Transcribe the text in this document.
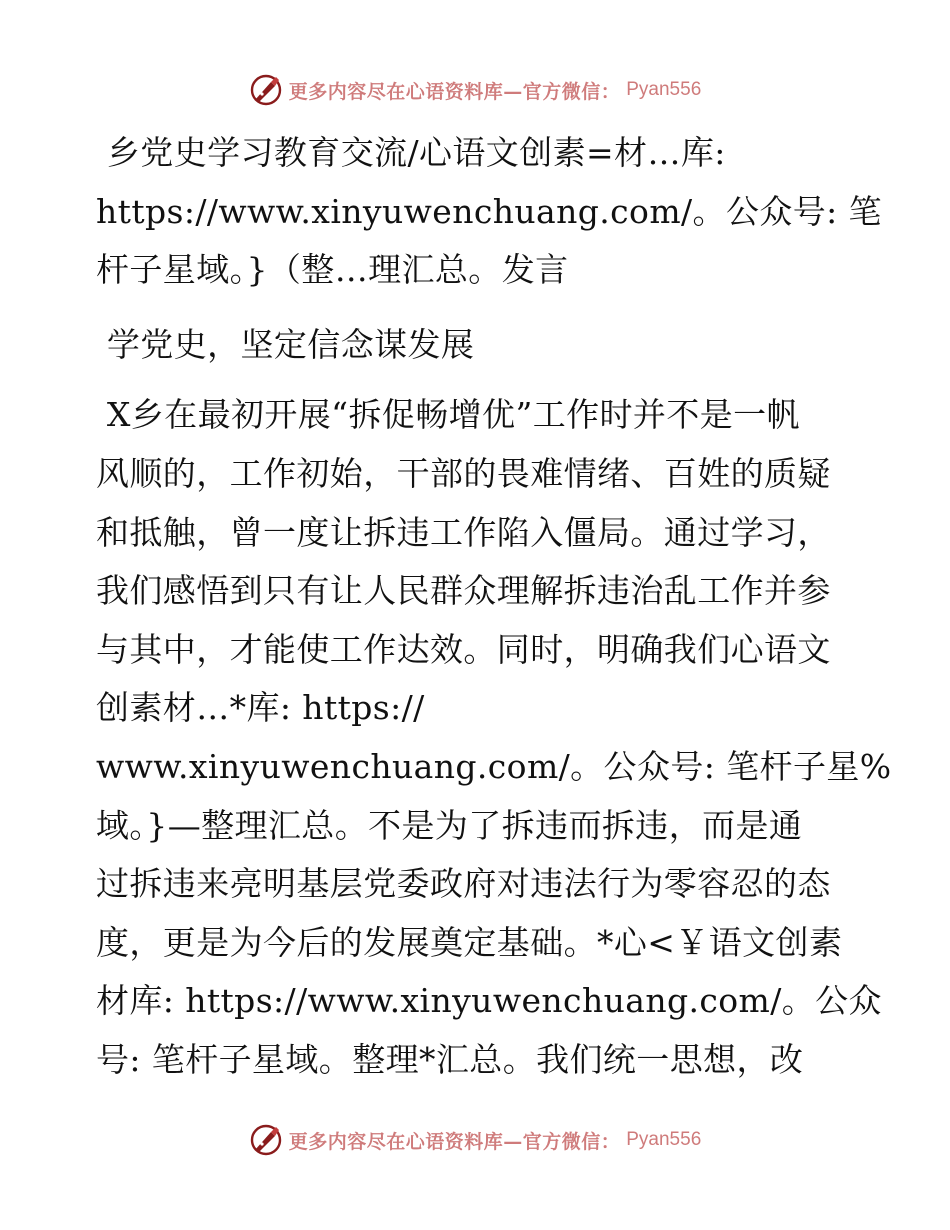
更多内容尽在心语资料库—官方微信： Pyan556
乡党史学习教育交流/心语文创素=材…库:
https://www.xinyuwenchuang.com/。公众号: 笔
杆子星域。}（整…理汇总。发言
学党史，坚定信念谋发展
X乡在最初开展“拆促畅增优”工作时并不是一帆
风顺的，工作初始，干部的畏难情绪、百姓的质疑
和抵触，曾一度让拆违工作陷入僵局。通过学习，
我们感悟到只有让人民群众理解拆违治乱工作并参
与其中，才能使工作达效。同时，明确我们心语文
创素材…*库: https://
www.xinyuwenchuang.com/。公众号: 笔杆子星%
域。}—整理汇总。不是为了拆违而拆违，而是通
过拆违来亮明基层党委政府对违法行为零容忍的态
度，更是为今后的发展奠定基础。*心<￥语文创素
材库: https://www.xinyuwenchuang.com/。公众
号: 笔杆子星域。整理*汇总。我们统一思想，改
更多内容尽在心语资料库—官方微信： Pyan556
